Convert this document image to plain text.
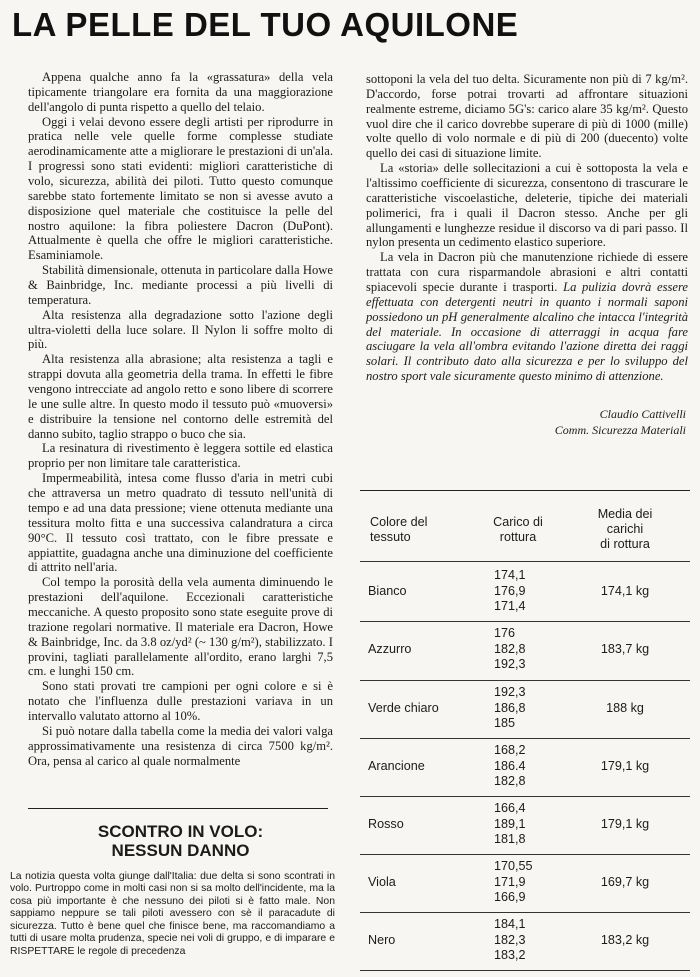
LA PELLE DEL TUO AQUILONE

Appena qualche anno fa la «grassatura» della vela tipicamente triangolare era fornita da una maggiorazione dell'angolo di punta rispetto a quello del telaio.

Oggi i velai devono essere degli artisti per riprodurre in pratica nelle vele quelle forme complesse studiate aerodinamicamente atte a migliorare le prestazioni di un'ala. I progressi sono stati evidenti: migliori caratteristiche di volo, sicurezza, abilità dei piloti. Tutto questo comunque sarebbe stato fortemente limitato se non si avesse avuto a disposizione quel materiale che costituisce la pelle del nostro aquilone: la fibra poliestere Dacron (DuPont). Attualmente è quella che offre le migliori caratteristiche. Esaminiamole.

Stabilità dimensionale, ottenuta in particolare dalla Howe & Bainbridge, Inc. mediante processi a più livelli di temperatura.

Alta resistenza alla degradazione sotto l'azione degli ultra-violetti della luce solare. Il Nylon li soffre molto di più.

Alta resistenza alla abrasione; alta resistenza a tagli e strappi dovuta alla geometria della trama. In effetti le fibre vengono intrecciate ad angolo retto e sono libere di scorrere le une sulle altre. In questo modo il tessuto può «muoversi» e distribuire la tensione nel contorno delle estremità del danno subito, taglio strappo o buco che sia.

La resinatura di rivestimento è leggera sottile ed elastica proprio per non limitare tale caratteristica.

Impermeabilità, intesa come flusso d'aria in metri cubi che attraversa un metro quadrato di tessuto nell'unità di tempo e ad una data pressione; viene ottenuta mediante una tessitura molto fitta e una successiva calandratura a circa 90°C. Il tessuto così trattato, con le fibre pressate e appiattite, guadagna anche una diminuzione del coefficiente di attrito nell'aria.

Col tempo la porosità della vela aumenta diminuendo le prestazioni dell'aquilone. Eccezionali caratteristiche meccaniche. A questo proposito sono state eseguite prove di trazione regolari normative. Il materiale era Dacron, Howe & Bainbridge, Inc. da 3.8 oz/yd² (~ 130 g/m²), stabilizzato. I provini, tagliati parallelamente all'ordito, erano larghi 7,5 cm. e lunghi 150 cm.

Sono stati provati tre campioni per ogni colore e si è notato che l'influenza dulle prestazioni variava in un intervallo valutato attorno al 10%.

Si può notare dalla tabella come la media dei valori valga approssimativamente una resistenza di circa 7500 kg/m². Ora, pensa al carico al quale normalmente

SCONTRO IN VOLO:
NESSUN DANNO
La notizia questa volta giunge dall'Italia: due delta si sono scontrati in volo. Purtroppo come in molti casi non si sa molto dell'incidente, ma la cosa più importante è che nessuno dei piloti si è fatto male. Non sappiamo neppure se tali piloti avessero con sè il paracadute di sicurezza. Tutto è bene quel che finisce bene, ma raccomandiamo a tutti di usare molta prudenza, specie nei voli di gruppo, e di imparare e RISPETTARE le regole di precedenza

sottoponi la vela del tuo delta. Sicuramente non più di 7 kg/m². D'accordo, forse potrai trovarti ad affrontare situazioni realmente estreme, diciamo 5G's: carico alare 35 kg/m². Questo vuol dire che il carico dovrebbe superare di più di 1000 (mille) volte quello di volo normale e di più di 200 (duecento) volte quello dei casi di situazione limite.

La «storia» delle sollecitazioni a cui è sottoposta la vela e l'altissimo coefficiente di sicurezza, consentono di trascurare le caratteristiche viscoelastiche, deleterie, tipiche dei materiali polimerici, fra i quali il Dacron stesso. Anche per gli allungamenti e lunghezze residue il discorso va di pari passo. Il nylon presenta un cedimento elastico superiore.

La vela in Dacron più che manutenzione richiede di essere trattata con cura risparmandole abrasioni e altri contatti spiacevoli specie durante i trasporti. La pulizia dovrà essere effettuata con detergenti neutri in quanto i normali saponi possiedono un pH generalmente alcalino che intacca l'integrità del materiale. In occasione di atterraggi in acqua fare asciugare la vela all'ombra evitando l'azione diretta dei raggi solari. Il contributo dato alla sicurezza e per lo sviluppo del nostro sport vale sicuramente questo minimo di attenzione.

Claudio Cattivelli
Comm. Sicurezza Materiali
Colore del
tessuto
Carico di
rottura
Media dei
carichi
di rottura
Bianco
174,1
176,9
171,4
174,1 kg
Azzurro
176
182,8
192,3
183,7 kg
Verde chiaro
192,3
186,8
185
188 kg
Arancione
168,2
186.4
182,8
179,1 kg
Rosso
166,4
189,1
181,8
179,1 kg
Viola
170,55
171,9
166,9
169,7 kg
Nero
184,1
182,3
183,2
183,2 kg
